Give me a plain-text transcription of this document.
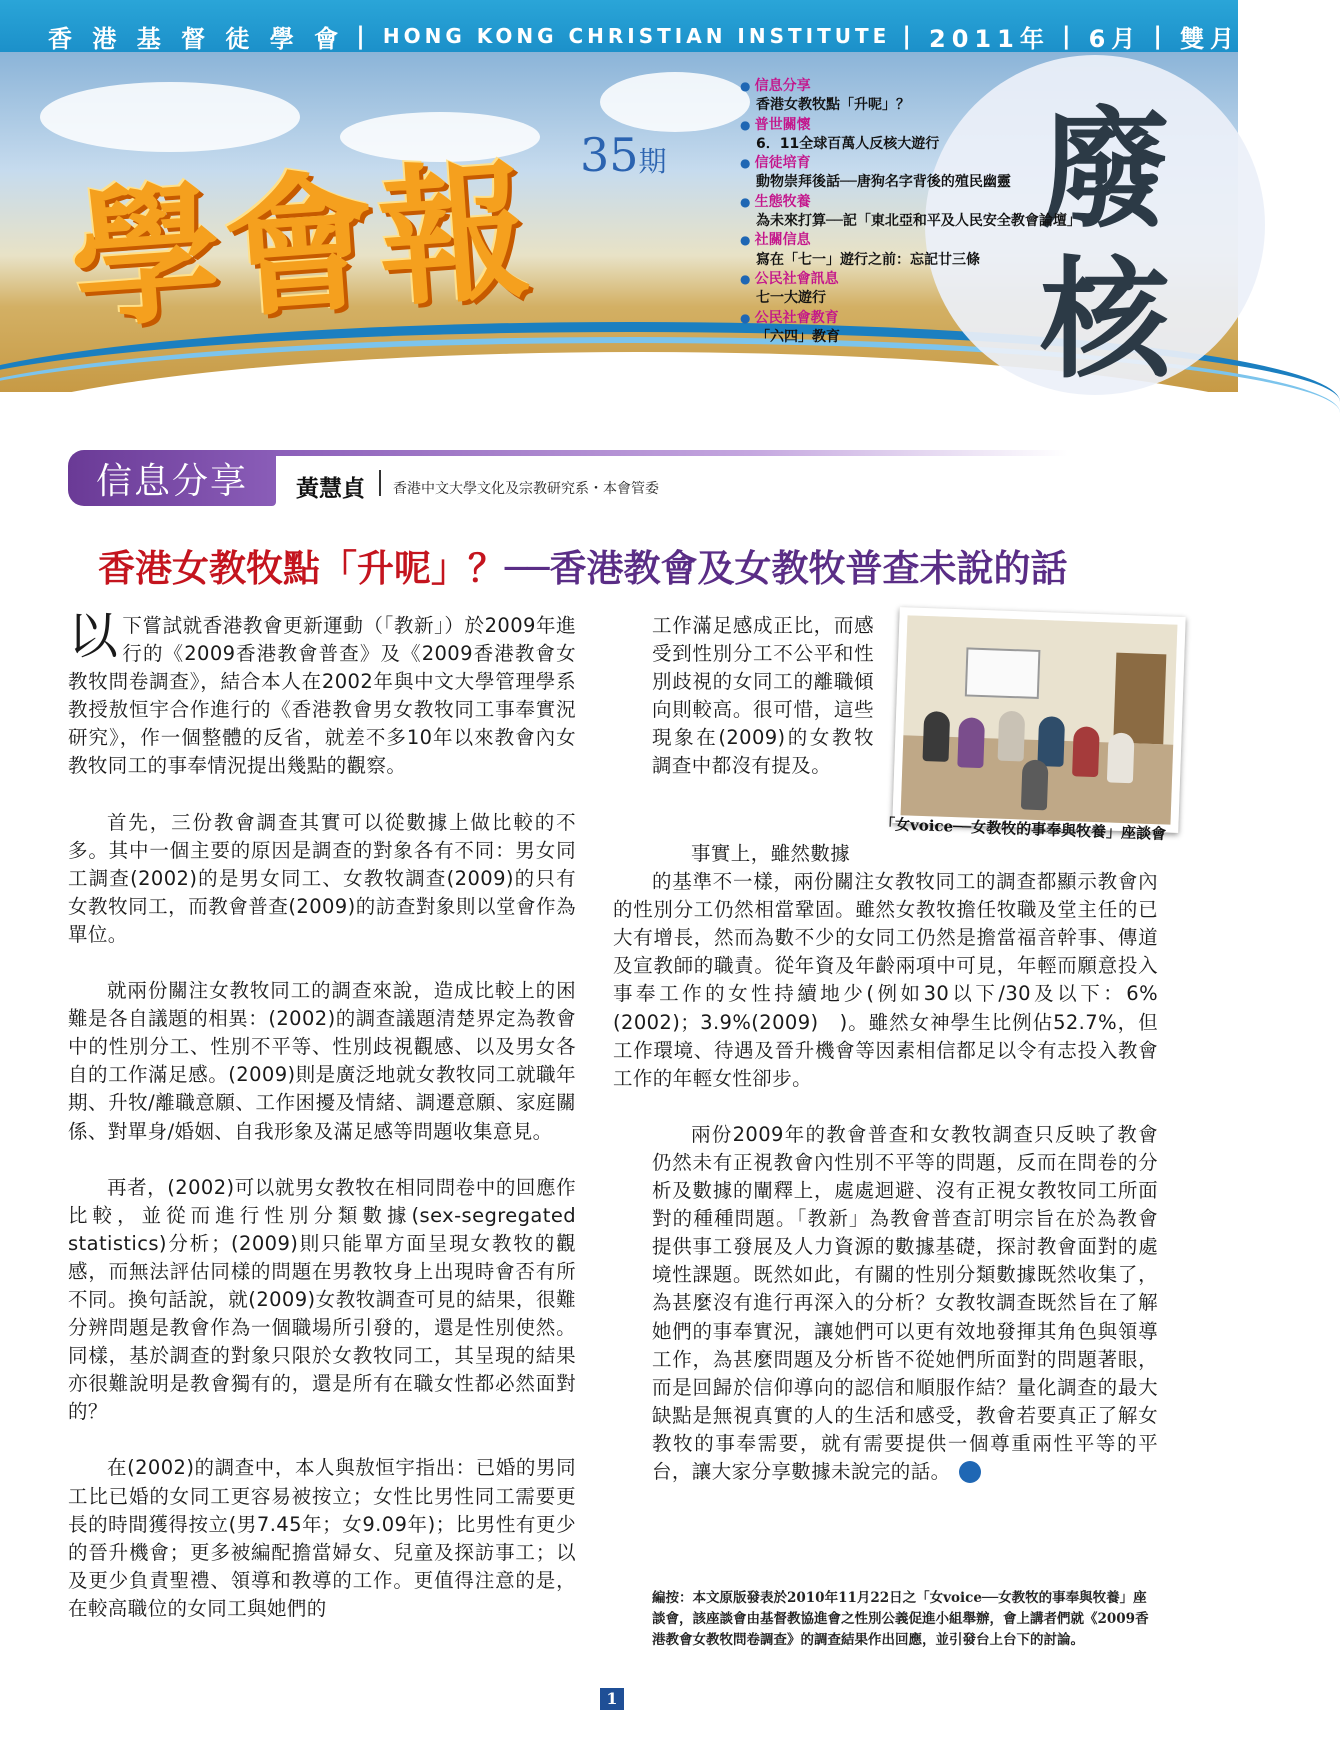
香 港 基 督 徒 學 會 | HONG KONG CHRISTIAN INSTITUTE | 2011年 | 6月 | 雙月刊
學會報 35期	廢核
● 信息分享
香港女教牧點「升呢」？
● 普世關懷
6．11全球百萬人反核大遊行
● 信徒培育
動物崇拜後話──唐狗名字背後的殖民幽靈
● 生態牧養
為未來打算──記「東北亞和平及人民安全教會論壇」
● 社關信息
寫在「七一」遊行之前：忘記廿三條
● 公民社會訊息
七一大遊行
● 公民社會教育
「六四」教育
信息分享	黃慧貞 香港中文大學文化及宗教研究系・本會管委
香港女教牧點「升呢」？──香港教會及女教牧普查未說的話

以下嘗試就香港教會更新運動（「教新」）於2009年進行的《2009香港教會普查》及《2009香港教會女教牧問卷調查》，結合本人在2002年與中文大學管理學系教授敖恒宇合作進行的《香港教會男女教牧同工事奉實況研究》，作一個整體的反省，就差不多10年以來教會內女教牧同工的事奉情況提出幾點的觀察。

首先，三份教會調查其實可以從數據上做比較的不多。其中一個主要的原因是調查的對象各有不同：男女同工調查(2002)的是男女同工、女教牧調查(2009)的只有女教牧同工，而教會普查(2009)的訪查對象則以堂會作為單位。

就兩份關注女教牧同工的調查來說，造成比較上的困難是各自議題的相異：(2002)的調查議題清楚界定為教會中的性別分工、性別不平等、性別歧視觀感、以及男女各自的工作滿足感。(2009)則是廣泛地就女教牧同工就職年期、升牧/離職意願、工作困擾及情緒、調遷意願、家庭關係、對單身/婚姻、自我形象及滿足感等問題收集意見。

再者，(2002)可以就男女教牧在相同問卷中的回應作比較，並從而進行性別分類數據(sex-segregated statistics)分析；(2009)則只能單方面呈現女教牧的觀感，而無法評估同樣的問題在男教牧身上出現時會否有所不同。換句話說，就(2009)女教牧調查可見的結果，很難分辨問題是教會作為一個職場所引發的，還是性別使然。同樣，基於調查的對象只限於女教牧同工，其呈現的結果亦很難說明是教會獨有的，還是所有在職女性都必然面對的？

在(2002)的調查中，本人與敖恒宇指出：已婚的男同工比已婚的女同工更容易被按立；女性比男性同工需要更長的時間獲得按立(男7.45年；女9.09年)；比男性有更少的晉升機會；更多被編配擔當婦女、兒童及探訪事工；以及更少負責聖禮、領導和教導的工作。更值得注意的是，在較高職位的女同工與她們的

工作滿足感成正比，而感受到性別分工不公平和性別歧視的女同工的離職傾向則較高。很可惜，這些現象在(2009)的女教牧調查中都沒有提及。

「女voice──女教牧的事奉與牧養」座談會

事實上，雖然數據
的基準不一樣，兩份關注女教牧同工的調查都顯示教會內的性別分工仍然相當鞏固。雖然女教牧擔任牧職及堂主任的已大有增長，然而為數不少的女同工仍然是擔當福音幹事、傳道及宣教師的職責。從年資及年齡兩項中可見，年輕而願意投入事奉工作的女性持續地少(例如30以下/30及以下：6%　 (2002)；3.9%(2009)　)。雖然女神學生比例佔52.7%，但工作環境、待遇及晉升機會等因素相信都足以令有志投入教會工作的年輕女性卻步。

兩份2009年的教會普查和女教牧調查只反映了教會仍然未有正視教會內性別不平等的問題，反而在問卷的分析及數據的闡釋上，處處迴避、沒有正視女教牧同工所面對的種種問題。「教新」為教會普查訂明宗旨在於為教會提供事工發展及人力資源的數據基礎，探討教會面對的處境性課題。既然如此，有關的性別分類數據既然收集了，為甚麼沒有進行再深入的分析？女教牧調查既然旨在了解她們的事奉實況，讓她們可以更有效地發揮其角色與領導工作，為甚麼問題及分析皆不從她們所面對的問題著眼，而是回歸於信仰導向的認信和順服作結？量化調查的最大缺點是無視真實的人的生活和感受，教會若要真正了解女教牧的事奉需要，就有需要提供一個尊重兩性平等的平台，讓大家分享數據未說完的話。

編按：本文原版發表於2010年11月22日之「女voice──女教牧的事奉與牧養」座談會，該座談會由基督教協進會之性別公義促進小組舉辦，會上講者們就《2009香港教會女教牧問卷調查》的調查結果作出回應，並引發台上台下的討論。
1
